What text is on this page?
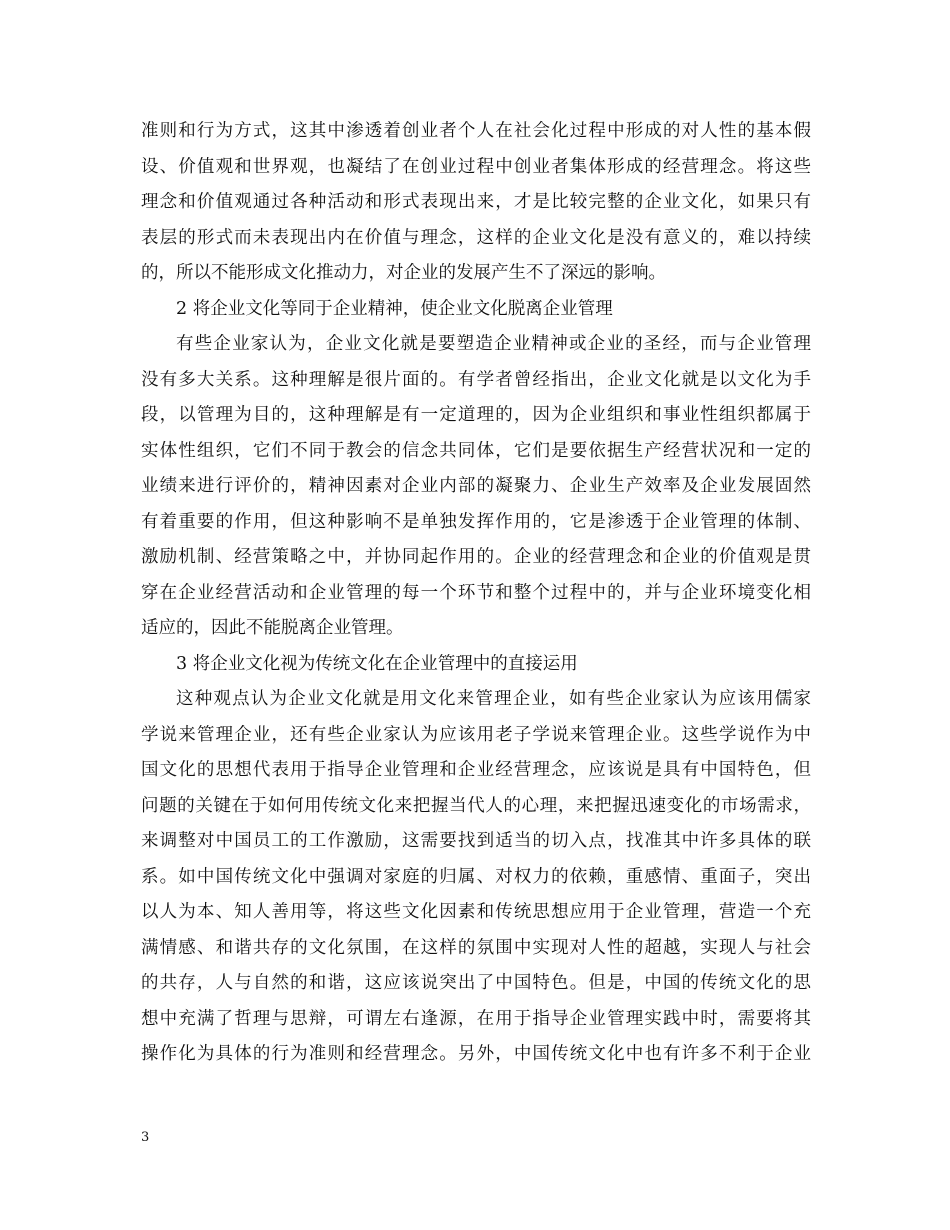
准则和行为方式，这其中渗透着创业者个人在社会化过程中形成的对人性的基本假
设、价值观和世界观，也凝结了在创业过程中创业者集体形成的经营理念。将这些
理念和价值观通过各种活动和形式表现出来，才是比较完整的企业文化，如果只有
表层的形式而未表现出内在价值与理念，这样的企业文化是没有意义的，难以持续
的，所以不能形成文化推动力，对企业的发展产生不了深远的影响。
2 将企业文化等同于企业精神，使企业文化脱离企业管理
有些企业家认为，企业文化就是要塑造企业精神或企业的圣经，而与企业管理
没有多大关系。这种理解是很片面的。有学者曾经指出，企业文化就是以文化为手
段，以管理为目的，这种理解是有一定道理的，因为企业组织和事业性组织都属于
实体性组织，它们不同于教会的信念共同体，它们是要依据生产经营状况和一定的
业绩来进行评价的，精神因素对企业内部的凝聚力、企业生产效率及企业发展固然
有着重要的作用，但这种影响不是单独发挥作用的，它是渗透于企业管理的体制、
激励机制、经营策略之中，并协同起作用的。企业的经营理念和企业的价值观是贯
穿在企业经营活动和企业管理的每一个环节和整个过程中的，并与企业环境变化相
适应的，因此不能脱离企业管理。
3 将企业文化视为传统文化在企业管理中的直接运用
这种观点认为企业文化就是用文化来管理企业，如有些企业家认为应该用儒家
学说来管理企业，还有些企业家认为应该用老子学说来管理企业。这些学说作为中
国文化的思想代表用于指导企业管理和企业经营理念，应该说是具有中国特色，但
问题的关键在于如何用传统文化来把握当代人的心理，来把握迅速变化的市场需求，
来调整对中国员工的工作激励，这需要找到适当的切入点，找准其中许多具体的联
系。如中国传统文化中强调对家庭的归属、对权力的依赖，重感情、重面子，突出
以人为本、知人善用等，将这些文化因素和传统思想应用于企业管理，营造一个充
满情感、和谐共存的文化氛围，在这样的氛围中实现对人性的超越，实现人与社会
的共存，人与自然的和谐，这应该说突出了中国特色。但是，中国的传统文化的思
想中充满了哲理与思辩，可谓左右逢源，在用于指导企业管理实践中时，需要将其
操作化为具体的行为准则和经营理念。另外，中国传统文化中也有许多不利于企业
3
